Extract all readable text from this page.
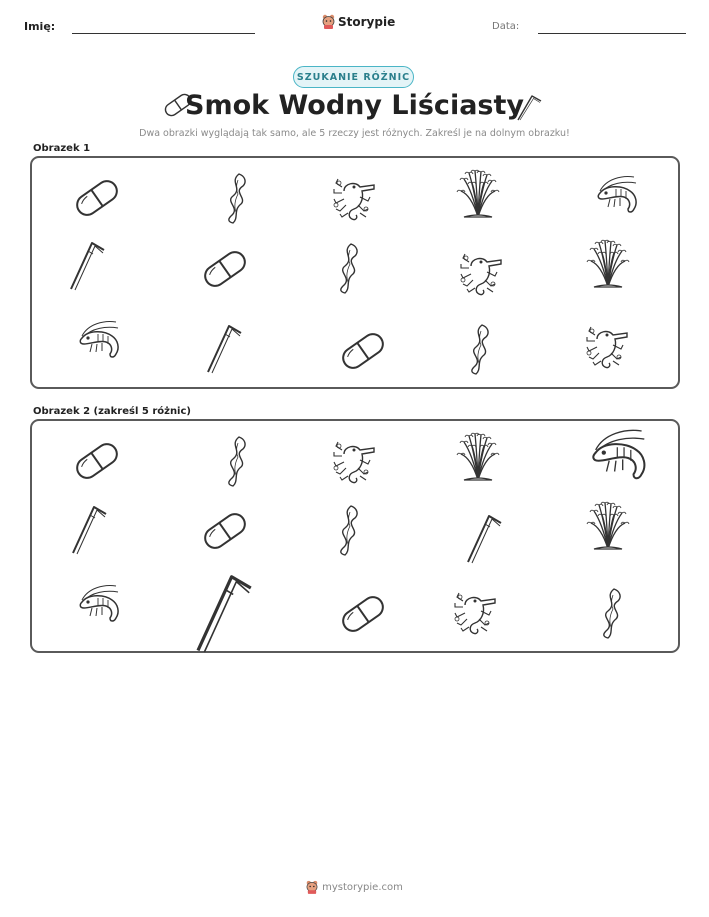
Imię:	Storypie	Data:
SZUKANIE RÓŻNIC
Smok Wodny Liściasty
Dwa obrazki wyglądają tak samo, ale 5 rzeczy jest różnych. Zakreśl je na dolnym obrazku!
Obrazek 1
Obrazek 2 (zakreśl 5 różnic)
mystorypie.com
